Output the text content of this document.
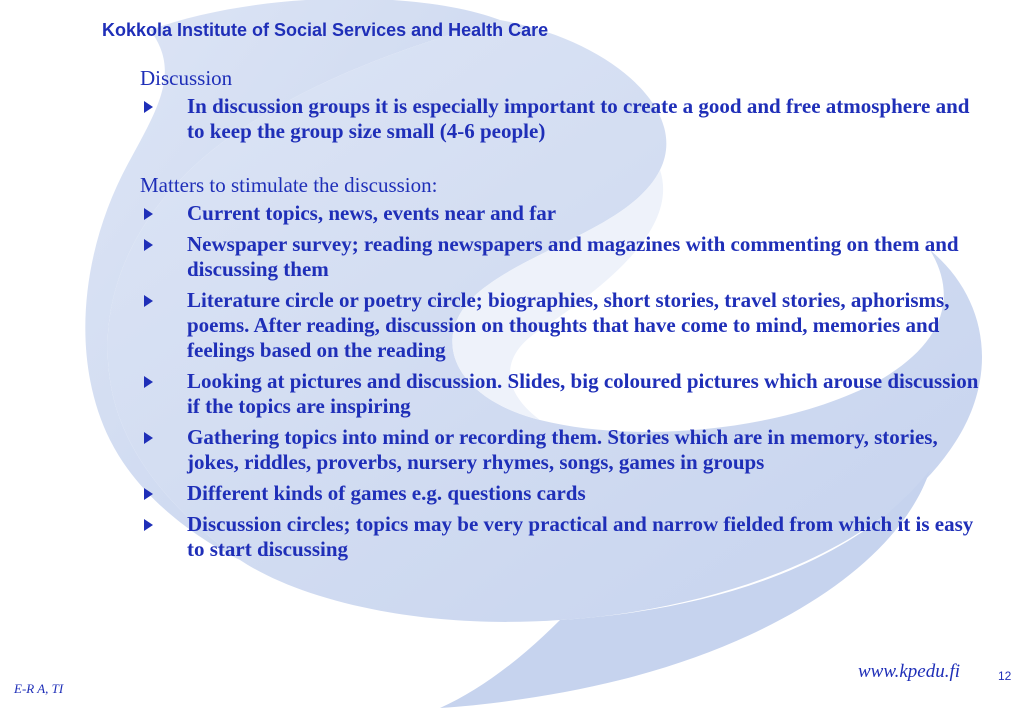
Kokkola Institute of Social Services and Health Care
Discussion
In discussion groups it is especially important to create a good and free atmosphere and to keep the group size small (4-6 people)
Matters to stimulate the discussion:
Current topics, news, events near and far
Newspaper survey; reading newspapers and magazines with commenting on them and discussing them
Literature circle or poetry circle; biographies, short stories, travel stories, aphorisms, poems. After reading, discussion on thoughts that have come to mind, memories and feelings based on the reading
Looking at pictures and discussion. Slides, big coloured pictures which arouse discussion if the topics are inspiring
Gathering topics into mind or recording them. Stories which are in memory, stories, jokes, riddles, proverbs, nursery rhymes, songs, games in groups
Different kinds of games e.g. questions cards
Discussion circles; topics may be very practical and narrow fielded from which it is easy to start discussing
E-R A, TI
www.kpedu.fi	12
